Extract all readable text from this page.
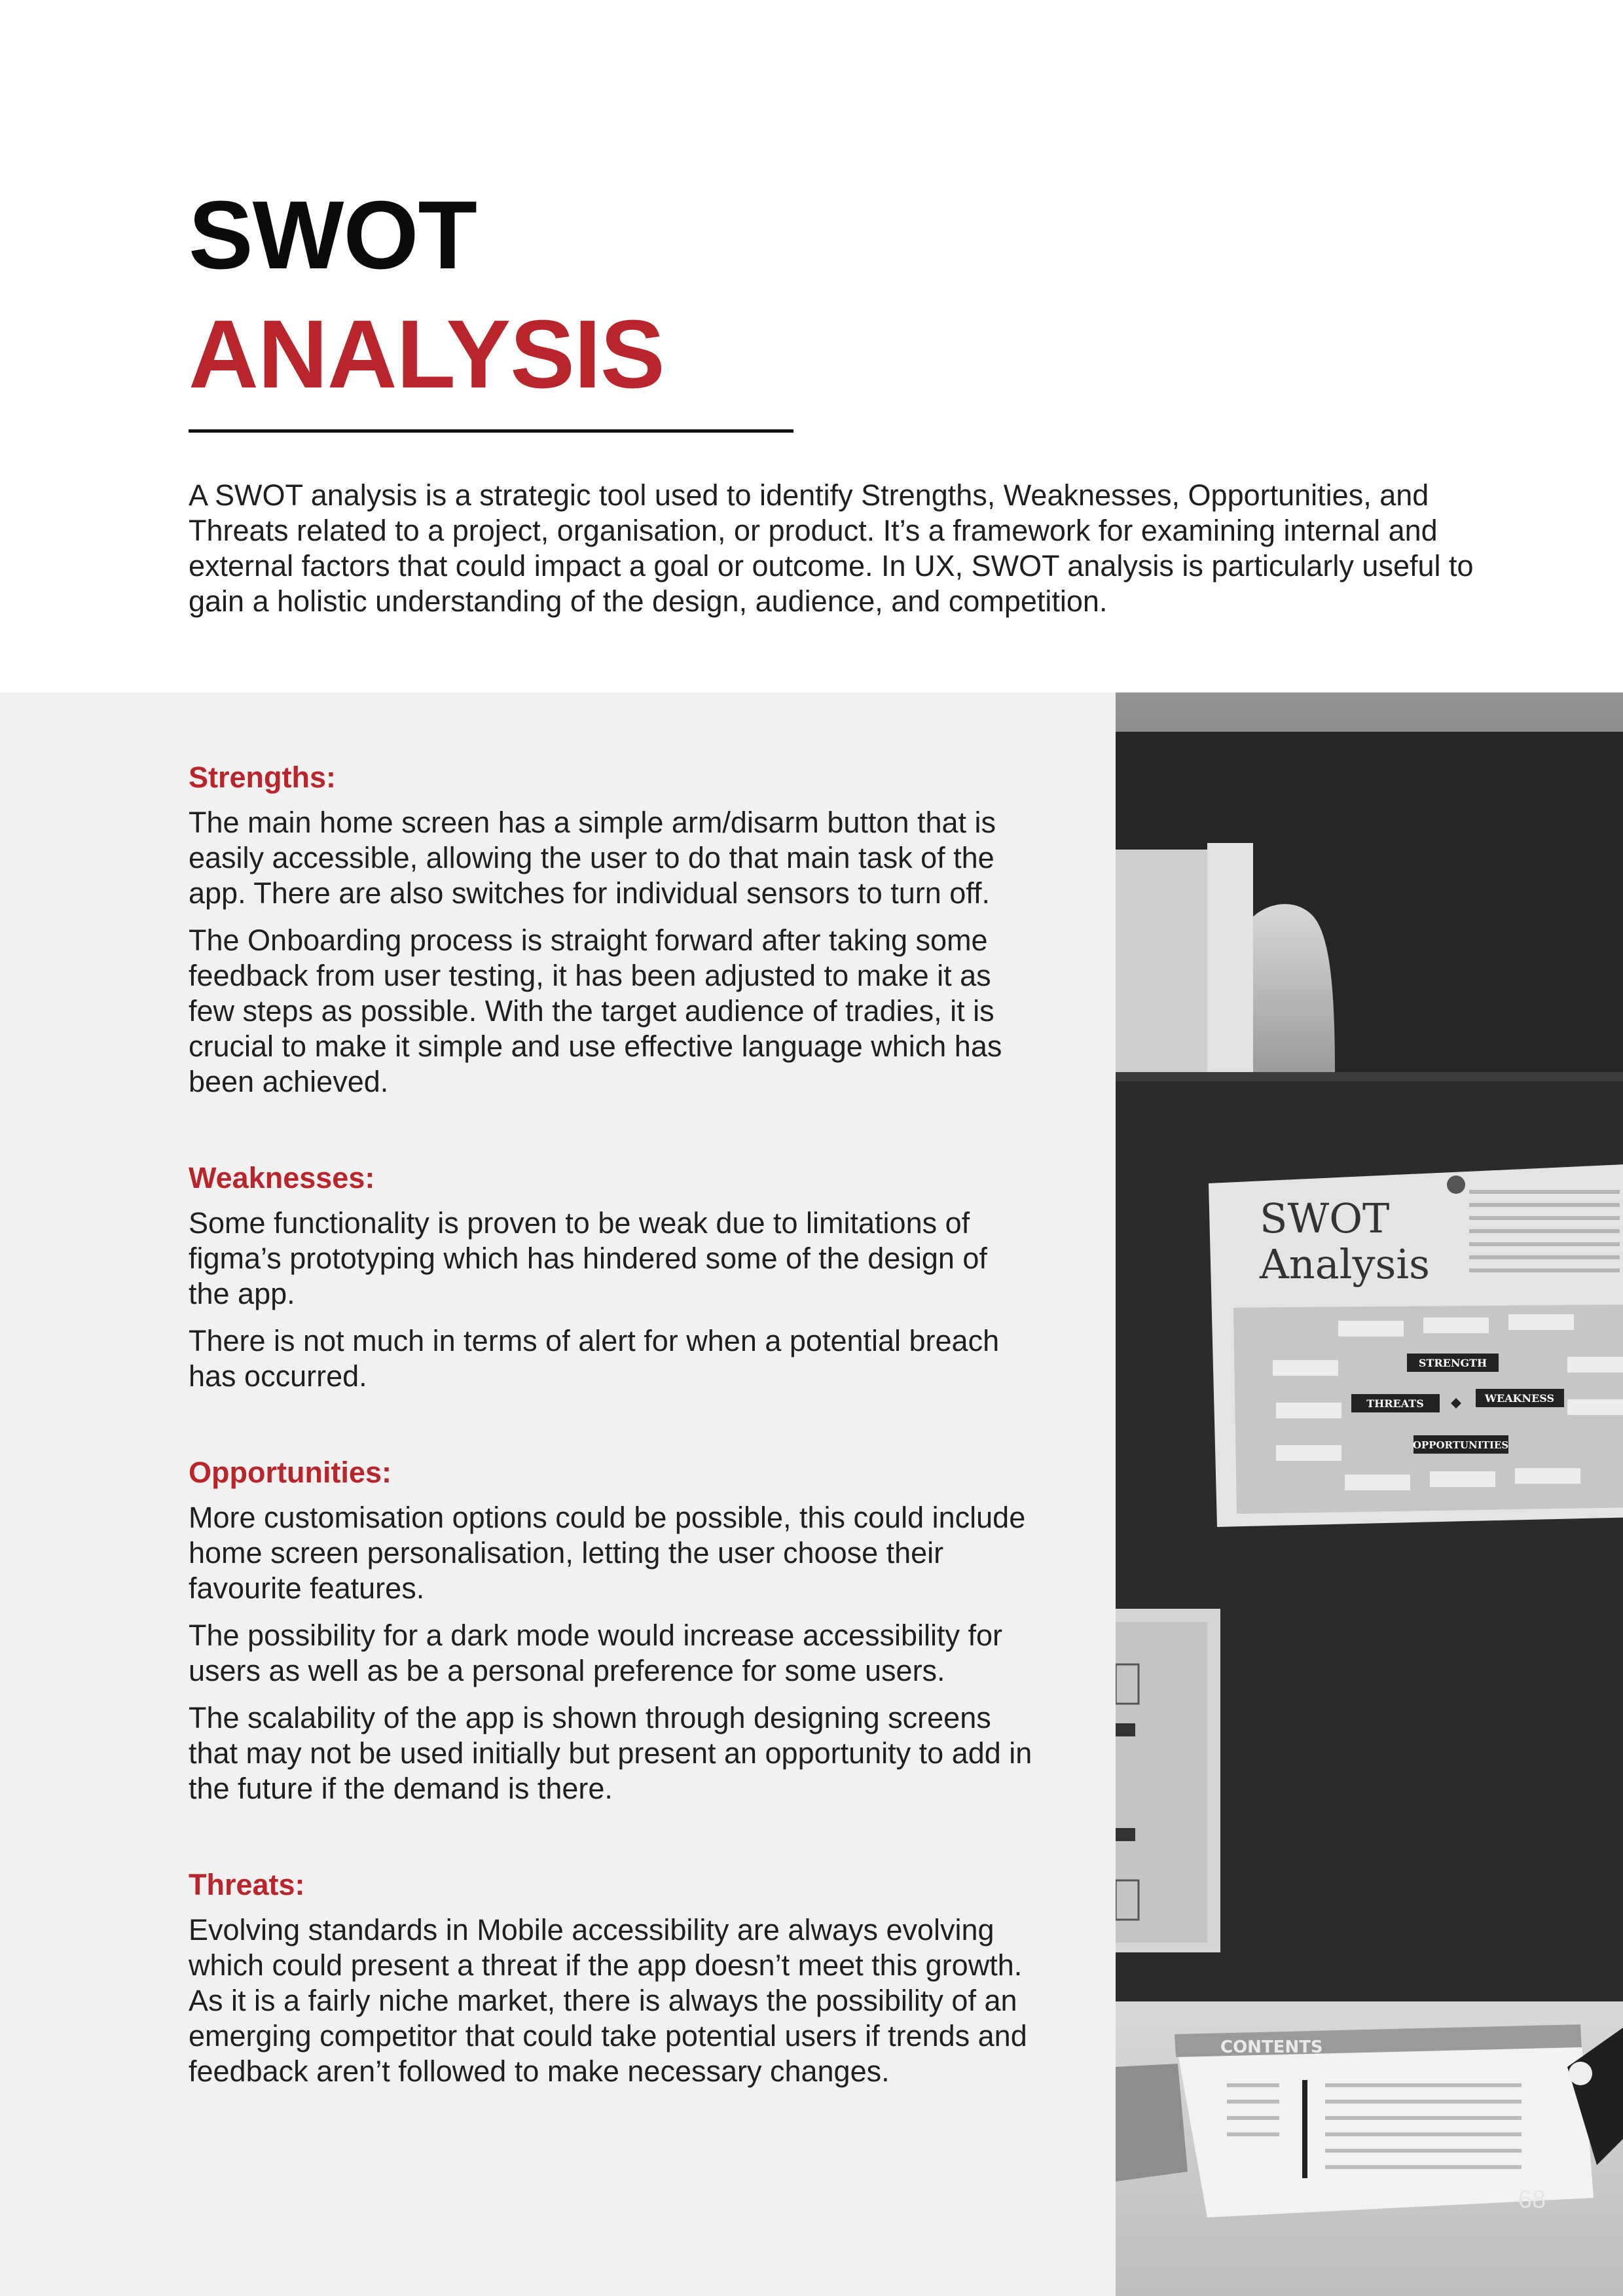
SWOT
ANALYSIS

A SWOT analysis is a strategic tool used to identify Strengths, Weaknesses, Opportunities, and Threats related to a project, organisation, or product. It’s a framework for examining internal and external factors that could impact a goal or outcome. In UX, SWOT analysis is particularly useful to gain a holistic understanding of the design, audience, and competition.

Strengths:

The main home screen has a simple arm/disarm button that is easily accessible, allowing the user to do that main task of the app. There are also switches for individual sensors to turn off.

The Onboarding process is straight forward after taking some feedback from user testing, it has been adjusted to make it as few steps as possible. With the target audience of tradies, it is crucial to make it simple and use effective language which has been achieved.

Weaknesses:

Some functionality is proven to be weak due to limitations of figma’s prototyping which has hindered some of the design of the app.

There is not much in terms of alert for when a potential breach has occurred.

Opportunities:

More customisation options could be possible, this could include home screen personalisation, letting the user choose their favourite features.

The possibility for a dark mode would increase accessibility for users as well as be a personal preference for some users.

The scalability of the app is shown through designing screens that may not be used initially but present an opportunity to add in the future if the demand is there.

Threats:

Evolving standards in Mobile accessibility are always evolving which could present a threat if the app doesn’t meet this growth. As it is a fairly niche market, there is always the possibility of an emerging competitor that could take potential users if trends and feedback aren’t followed to make necessary changes.

SWOT
Analysis
STRENGTH
THREATS	WEAKNESS
OPPORTUNITIES
CONTENTS
68
